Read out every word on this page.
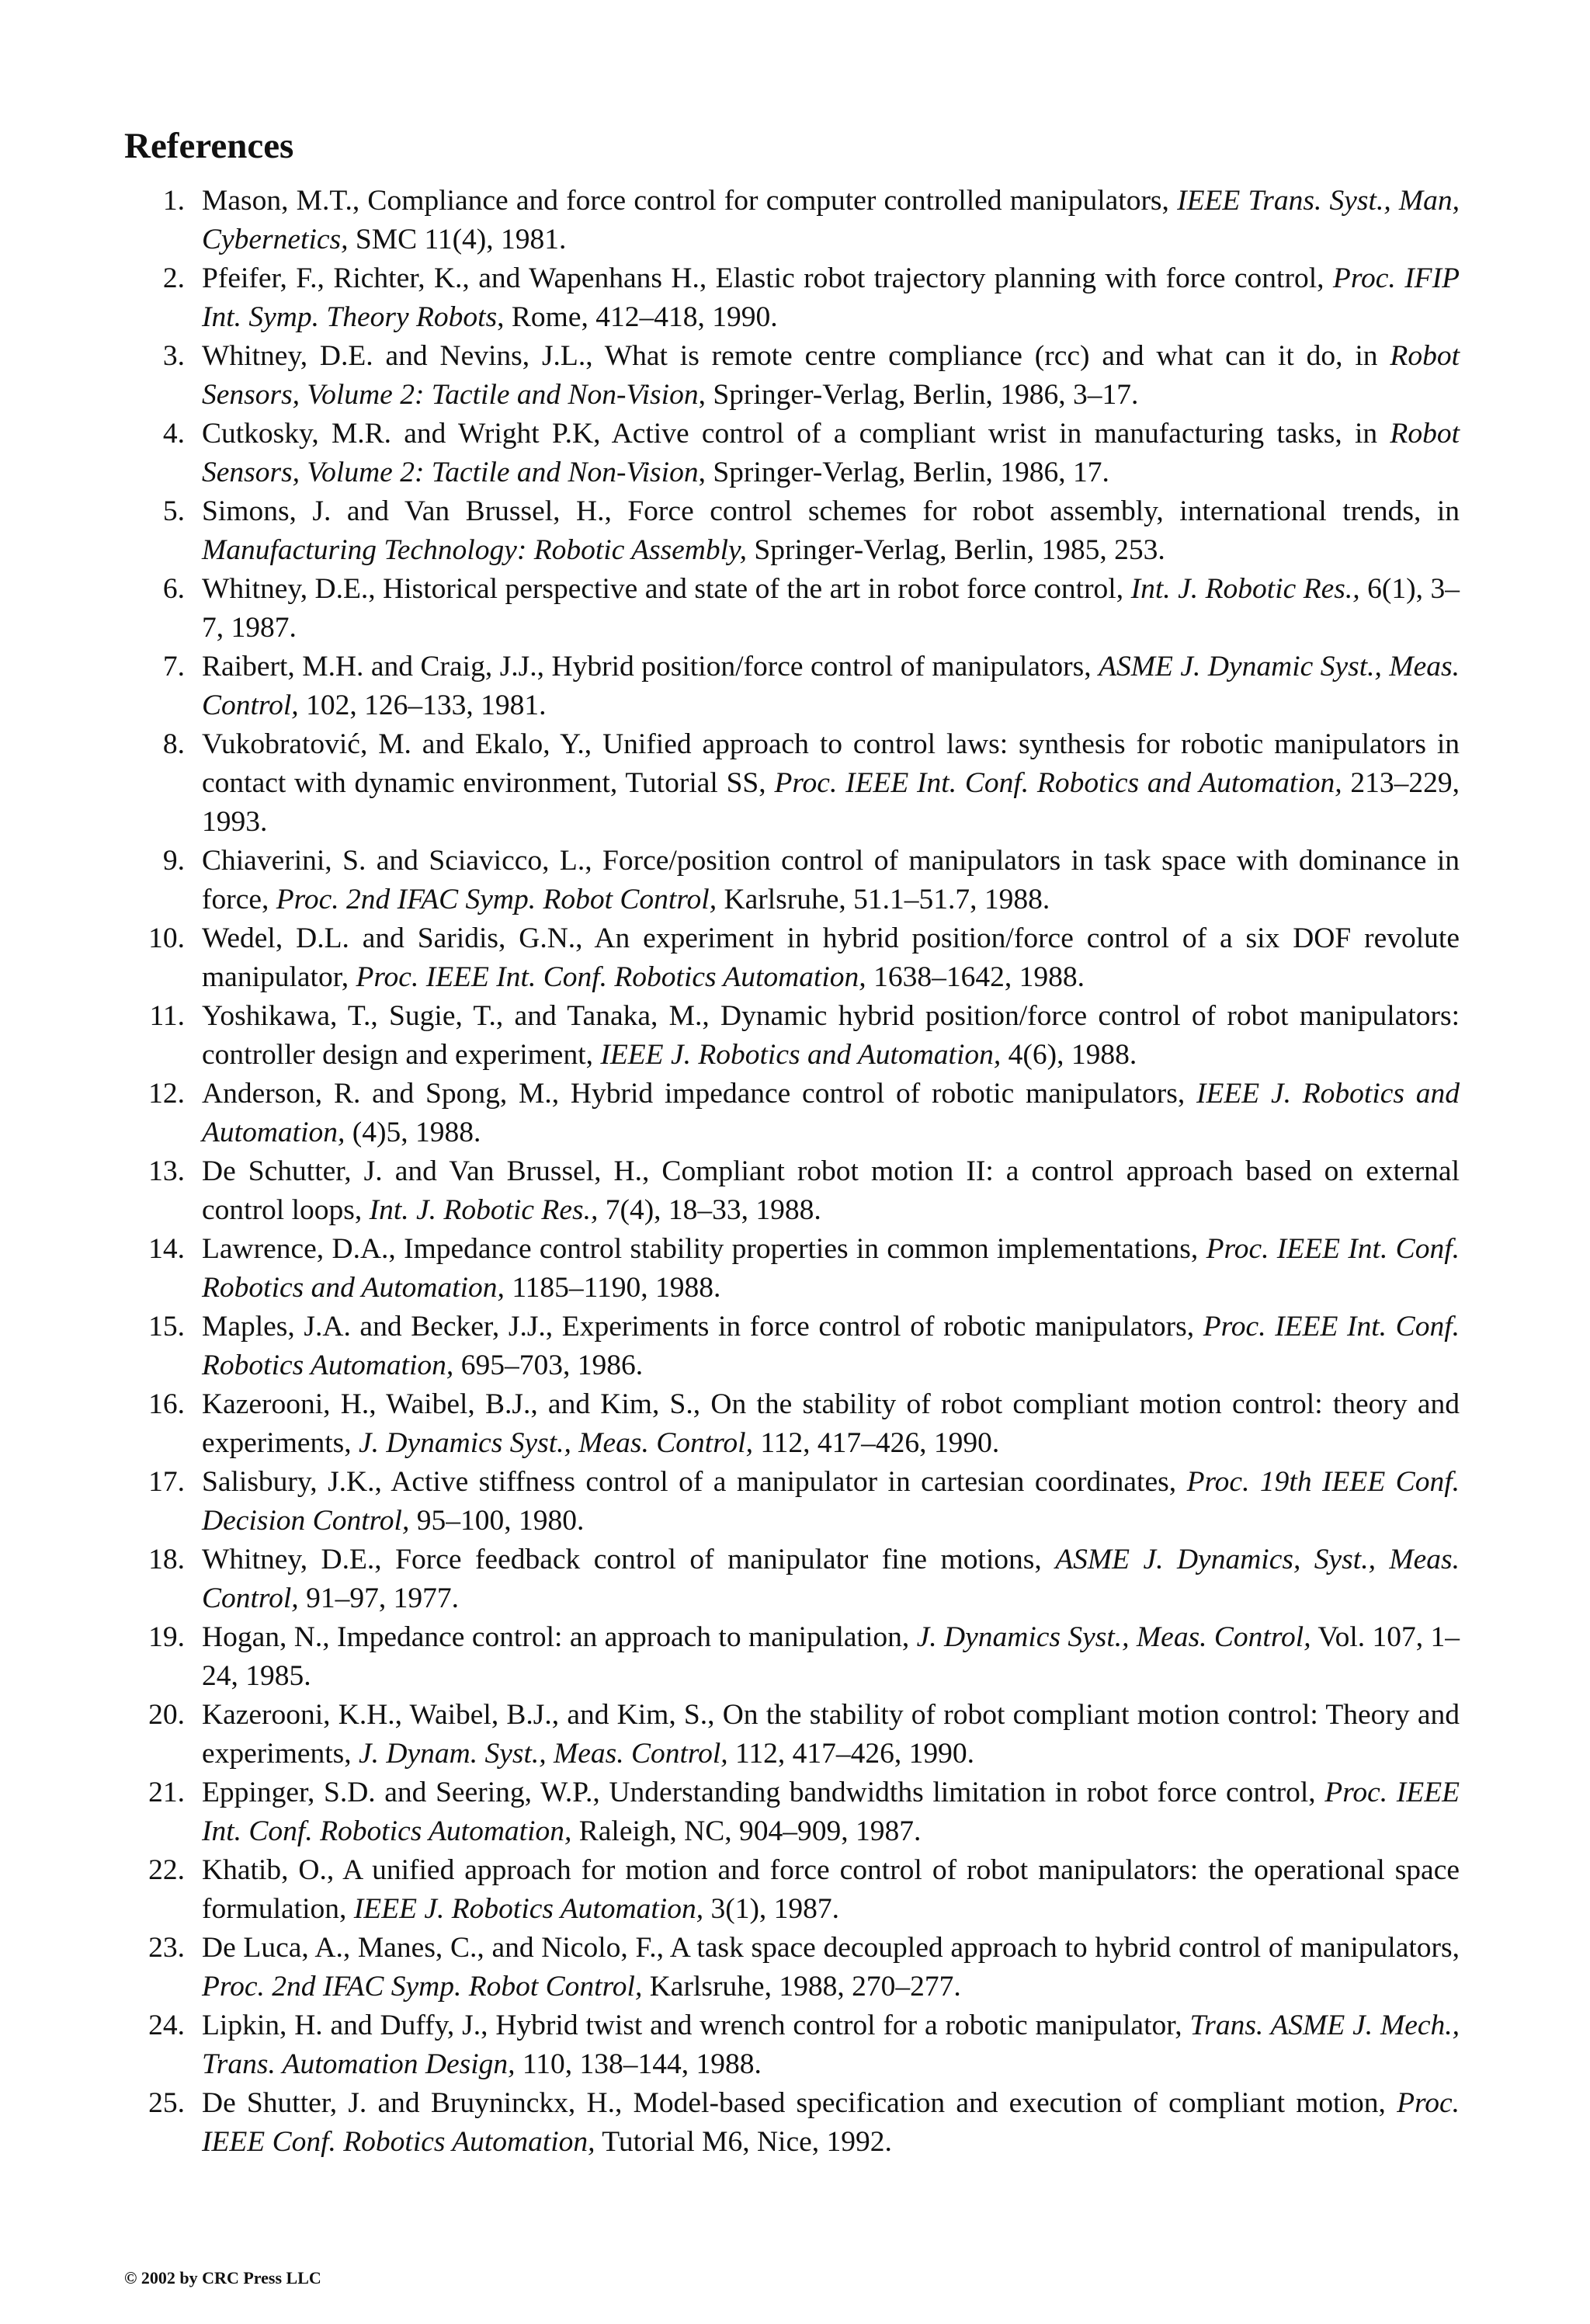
References
1. Mason, M.T., Compliance and force control for computer controlled manipulators, IEEE Trans. Syst., Man, Cybernetics, SMC 11(4), 1981.
2. Pfeifer, F., Richter, K., and Wapenhans H., Elastic robot trajectory planning with force control, Proc. IFIP Int. Symp. Theory Robots, Rome, 412–418, 1990.
3. Whitney, D.E. and Nevins, J.L., What is remote centre compliance (rcc) and what can it do, in Robot Sensors, Volume 2: Tactile and Non-Vision, Springer-Verlag, Berlin, 1986, 3–17.
4. Cutkosky, M.R. and Wright P.K, Active control of a compliant wrist in manufacturing tasks, in Robot Sensors, Volume 2: Tactile and Non-Vision, Springer-Verlag, Berlin, 1986, 17.
5. Simons, J. and Van Brussel, H., Force control schemes for robot assembly, international trends, in Manufacturing Technology: Robotic Assembly, Springer-Verlag, Berlin, 1985, 253.
6. Whitney, D.E., Historical perspective and state of the art in robot force control, Int. J. Robotic Res., 6(1), 3–7, 1987.
7. Raibert, M.H. and Craig, J.J., Hybrid position/force control of manipulators, ASME J. Dynamic Syst., Meas. Control, 102, 126–133, 1981.
8. Vukobratović, M. and Ekalo, Y., Unified approach to control laws: synthesis for robotic manipulators in contact with dynamic environment, Tutorial SS, Proc. IEEE Int. Conf. Robotics and Automation, 213–229, 1993.
9. Chiaverini, S. and Sciavicco, L., Force/position control of manipulators in task space with dominance in force, Proc. 2nd IFAC Symp. Robot Control, Karlsruhe, 51.1–51.7, 1988.
10. Wedel, D.L. and Saridis, G.N., An experiment in hybrid position/force control of a six DOF revolute manipulator, Proc. IEEE Int. Conf. Robotics Automation, 1638–1642, 1988.
11. Yoshikawa, T., Sugie, T., and Tanaka, M., Dynamic hybrid position/force control of robot manipulators: controller design and experiment, IEEE J. Robotics and Automation, 4(6), 1988.
12. Anderson, R. and Spong, M., Hybrid impedance control of robotic manipulators, IEEE J. Robotics and Automation, (4)5, 1988.
13. De Schutter, J. and Van Brussel, H., Compliant robot motion II: a control approach based on external control loops, Int. J. Robotic Res., 7(4), 18–33, 1988.
14. Lawrence, D.A., Impedance control stability properties in common implementations, Proc. IEEE Int. Conf. Robotics and Automation, 1185–1190, 1988.
15. Maples, J.A. and Becker, J.J., Experiments in force control of robotic manipulators, Proc. IEEE Int. Conf. Robotics Automation, 695–703, 1986.
16. Kazerooni, H., Waibel, B.J., and Kim, S., On the stability of robot compliant motion control: theory and experiments, J. Dynamics Syst., Meas. Control, 112, 417–426, 1990.
17. Salisbury, J.K., Active stiffness control of a manipulator in cartesian coordinates, Proc. 19th IEEE Conf. Decision Control, 95–100, 1980.
18. Whitney, D.E., Force feedback control of manipulator fine motions, ASME J. Dynamics, Syst., Meas. Control, 91–97, 1977.
19. Hogan, N., Impedance control: an approach to manipulation, J. Dynamics Syst., Meas. Control, Vol. 107, 1–24, 1985.
20. Kazerooni, K.H., Waibel, B.J., and Kim, S., On the stability of robot compliant motion control: Theory and experiments, J. Dynam. Syst., Meas. Control, 112, 417–426, 1990.
21. Eppinger, S.D. and Seering, W.P., Understanding bandwidths limitation in robot force control, Proc. IEEE Int. Conf. Robotics Automation, Raleigh, NC, 904–909, 1987.
22. Khatib, O., A unified approach for motion and force control of robot manipulators: the operational space formulation, IEEE J. Robotics Automation, 3(1), 1987.
23. De Luca, A., Manes, C., and Nicolo, F., A task space decoupled approach to hybrid control of manipulators, Proc. 2nd IFAC Symp. Robot Control, Karlsruhe, 1988, 270–277.
24. Lipkin, H. and Duffy, J., Hybrid twist and wrench control for a robotic manipulator, Trans. ASME J. Mech., Trans. Automation Design, 110, 138–144, 1988.
25. De Shutter, J. and Bruyninckx, H., Model-based specification and execution of compliant motion, Proc. IEEE Conf. Robotics Automation, Tutorial M6, Nice, 1992.
© 2002 by CRC Press LLC
